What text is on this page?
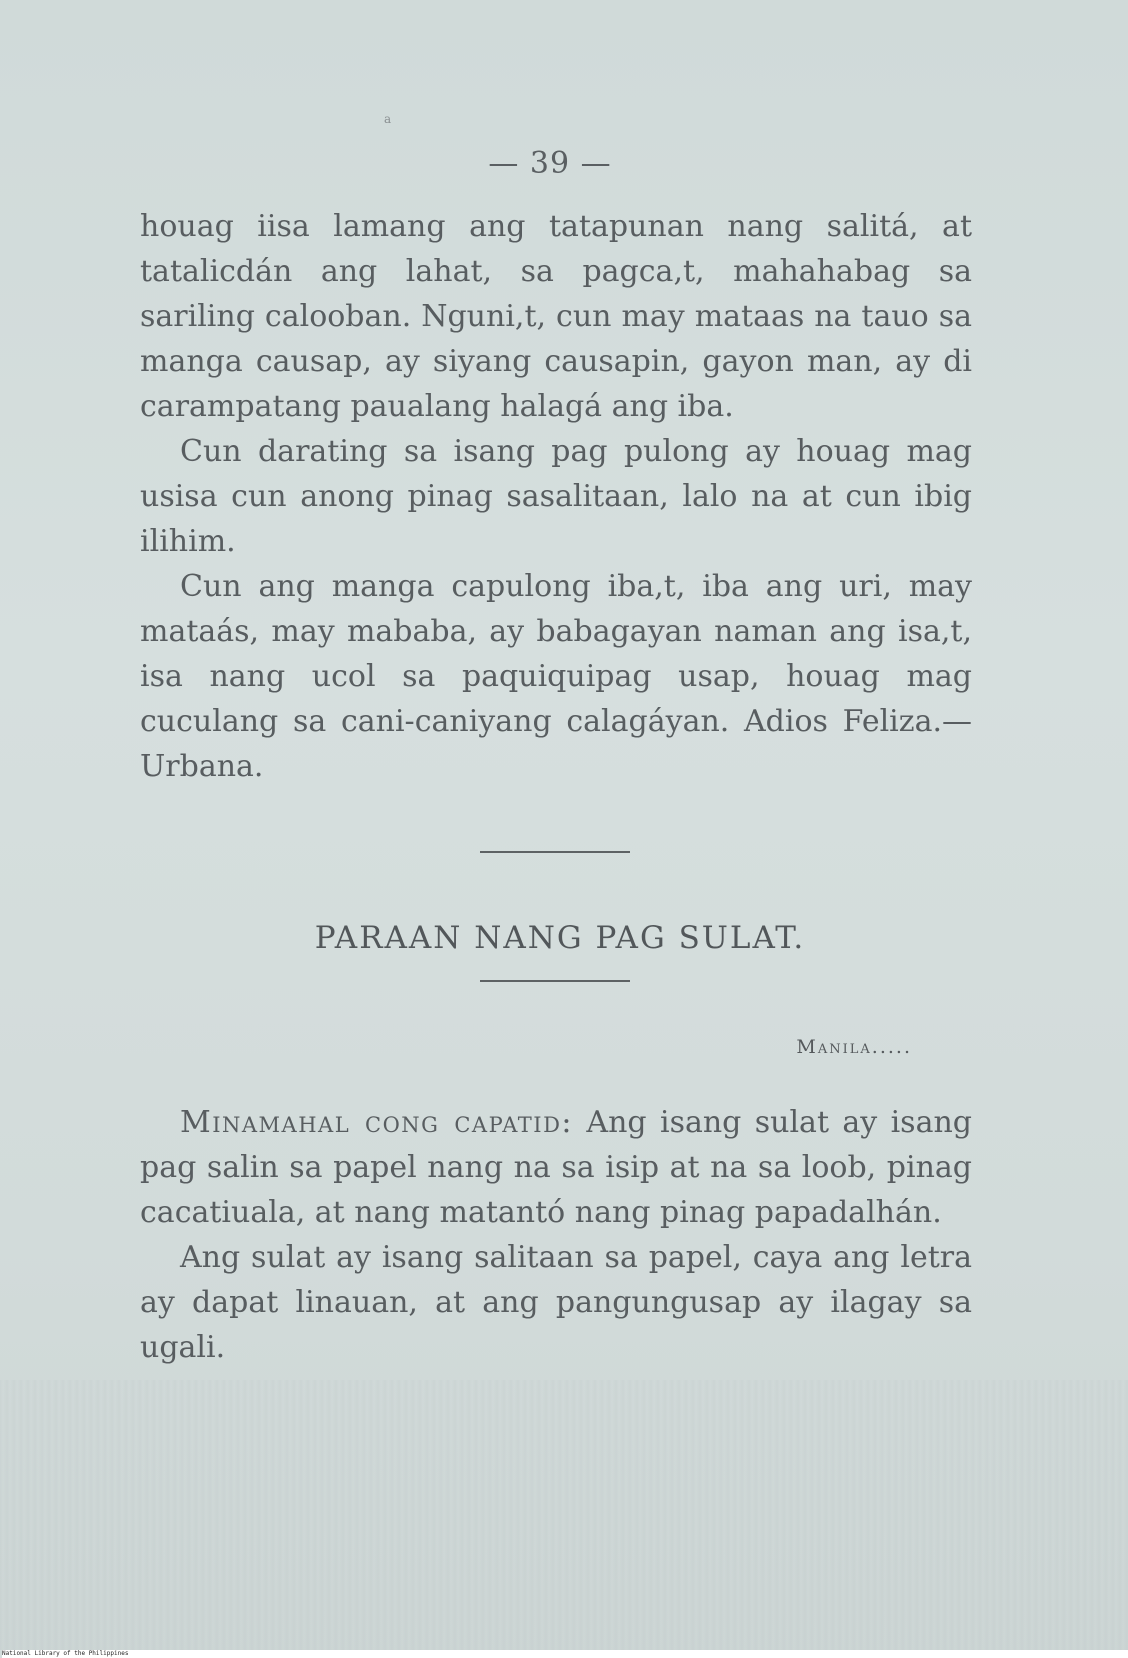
a
— 39 —

houag iisa lamang ang tatapunan nang salitá, at tatalicdán ang lahat, sa pagca,t, mahahabag sa sariling calooban. Nguni,t, cun may mataas na tauo sa manga causap, ay siyang causapin, gayon man, ay di carampatang paualang halagá ang iba.

Cun darating sa isang pag pulong ay houag mag usisa cun anong pinag sasalitaan, lalo na at cun ibig ilihim.

Cun ang manga capulong iba,t, iba ang uri, may mataás, may mababa, ay babagayan naman ang isa,t, isa nang ucol sa paquiquipag usap, houag mag cuculang sa cani-caniyang calagáyan. Adios Feliza.—Urbana.

PARAAN NANG PAG SULAT.
Manila.....

Minamahal cong capatid: Ang isang sulat ay isang pag salin sa papel nang na sa isip at na sa loob, pinag cacatiuala, at nang matantó nang pinag papadalhán.

Ang sulat ay isang salitaan sa papel, caya ang letra ay dapat linauan, at ang pangungusap ay ilagay sa ugali.

National Library of the Philippines
